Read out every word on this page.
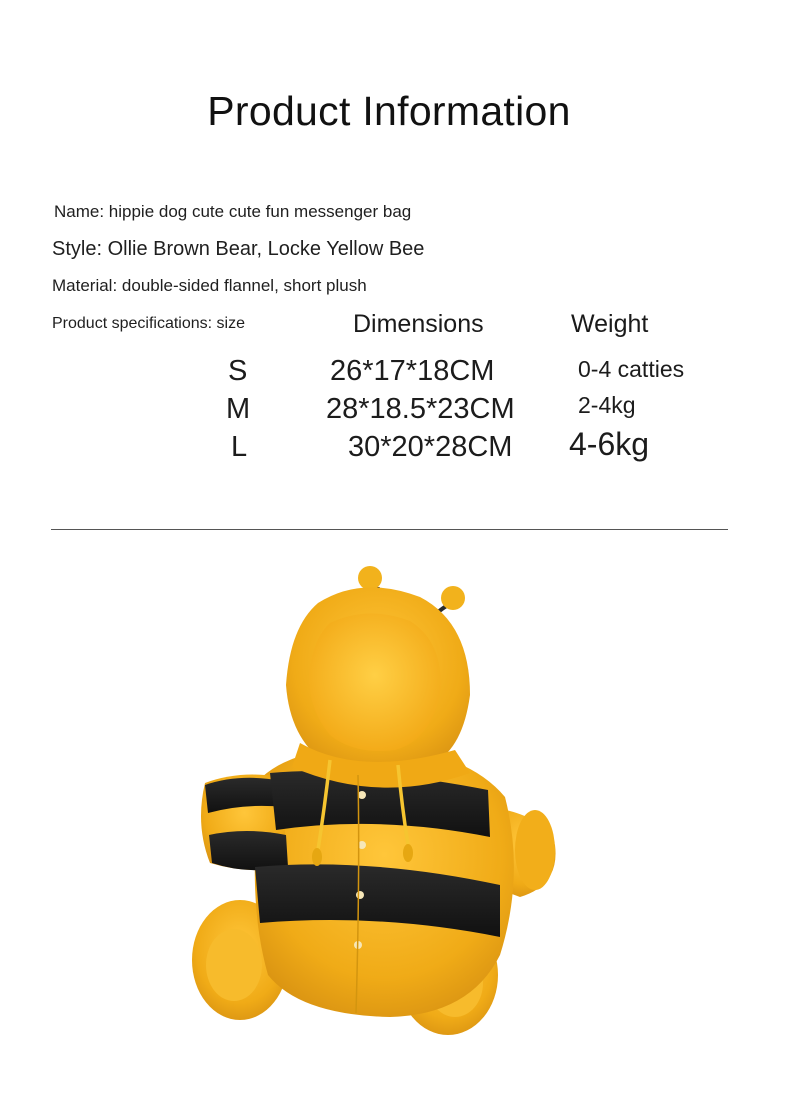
Product Information
Name: hippie dog cute cute fun messenger bag
Style: Ollie Brown Bear, Locke Yellow Bee
Material: double-sided flannel, short plush
Product specifications: size	Dimensions	Weight
S	26*17*18CM	0-4 catties
M	28*18.5*23CM	2-4kg
L	30*20*28CM 4-6kg
